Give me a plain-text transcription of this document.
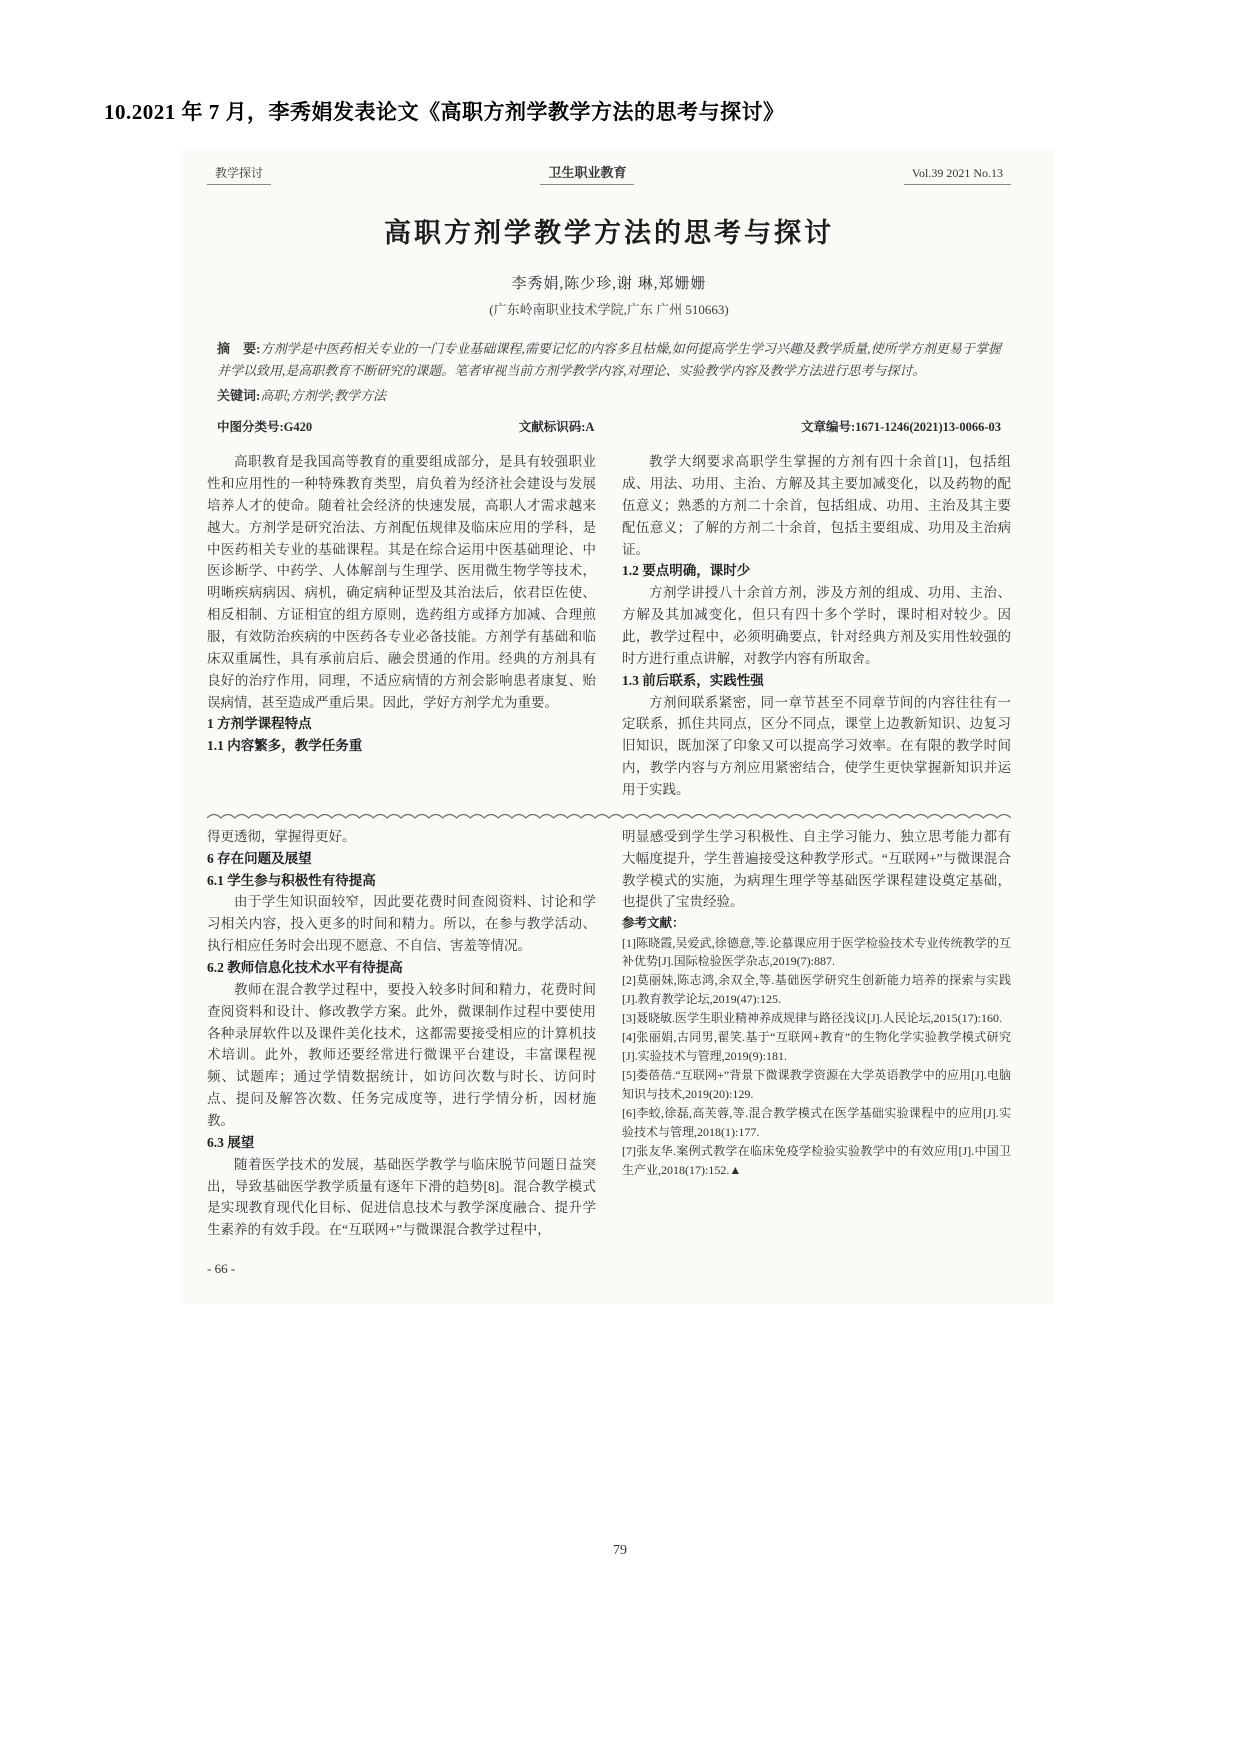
10.2021 年 7 月，李秀娟发表论文《高职方剂学教学方法的思考与探讨》
教学探讨	卫生职业教育	Vol.39 2021 No.13
高职方剂学教学方法的思考与探讨
李秀娟,陈少珍,谢 琳,郑姗姗
(广东岭南职业技术学院,广东 广州 510663)
摘　要:方剂学是中医药相关专业的一门专业基础课程,需要记忆的内容多且枯燥,如何提高学生学习兴趣及教学质量,使所学方剂更易于掌握并学以致用,是高职教育不断研究的课题。笔者审视当前方剂学教学内容,对理论、实验教学内容及教学方法进行思考与探讨。
关键词:高职;方剂学;教学方法
中图分类号:G420	文献标识码:A	文章编号:1671-1246(2021)13-0066-03

高职教育是我国高等教育的重要组成部分，是具有较强职业性和应用性的一种特殊教育类型，肩负着为经济社会建设与发展培养人才的使命。随着社会经济的快速发展，高职人才需求越来越大。方剂学是研究治法、方剂配伍规律及临床应用的学科，是中医药相关专业的基础课程。其是在综合运用中医基础理论、中医诊断学、中药学、人体解剖与生理学、医用微生物学等技术，明晰疾病病因、病机，确定病种证型及其治法后，依君臣佐使、相反相制、方证相宜的组方原则，选药组方或择方加减、合理煎服，有效防治疾病的中医药各专业必备技能。方剂学有基础和临床双重属性，具有承前启后、融会贯通的作用。经典的方剂具有良好的治疗作用，同理，不适应病情的方剂会影响患者康复、贻误病情，甚至造成严重后果。因此，学好方剂学尤为重要。

1 方剂学课程特点

1.1 内容繁多，教学任务重

教学大纲要求高职学生掌握的方剂有四十余首[1]，包括组成、用法、功用、主治、方解及其主要加减变化，以及药物的配伍意义；熟悉的方剂二十余首，包括组成、功用、主治及其主要配伍意义；了解的方剂二十余首，包括主要组成、功用及主治病证。

1.2 要点明确，课时少

方剂学讲授八十余首方剂，涉及方剂的组成、功用、主治、方解及其加减变化，但只有四十多个学时，课时相对较少。因此，教学过程中，必须明确要点，针对经典方剂及实用性较强的时方进行重点讲解，对教学内容有所取舍。

1.3 前后联系，实践性强

方剂间联系紧密，同一章节甚至不同章节间的内容往往有一定联系，抓住共同点，区分不同点，课堂上边教新知识、边复习旧知识，既加深了印象又可以提高学习效率。在有限的教学时间内，教学内容与方剂应用紧密结合，使学生更快掌握新知识并运用于实践。

得更透彻，掌握得更好。

6 存在问题及展望

6.1 学生参与积极性有待提高

由于学生知识面较窄，因此要花费时间查阅资料、讨论和学习相关内容，投入更多的时间和精力。所以，在参与教学活动、执行相应任务时会出现不愿意、不自信、害羞等情况。

6.2 教师信息化技术水平有待提高

教师在混合教学过程中，要投入较多时间和精力，花费时间查阅资料和设计、修改教学方案。此外，微课制作过程中要使用各种录屏软件以及课件美化技术，这都需要接受相应的计算机技术培训。此外，教师还要经常进行微课平台建设，丰富课程视频、试题库；通过学情数据统计，如访问次数与时长、访问时点、提问及解答次数、任务完成度等，进行学情分析，因材施教。

6.3 展望

随着医学技术的发展，基础医学教学与临床脱节问题日益突出，导致基础医学教学质量有逐年下滑的趋势[8]。混合教学模式是实现教育现代化目标、促进信息技术与教学深度融合、提升学生素养的有效手段。在“互联网+”与微课混合教学过程中，

明显感受到学生学习积极性、自主学习能力、独立思考能力都有大幅度提升，学生普遍接受这种教学形式。“互联网+”与微课混合教学模式的实施，为病理生理学等基础医学课程建设奠定基础，也提供了宝贵经验。

参考文献：

[1]陈晓霞,吴爱武,徐德意,等.论慕课应用于医学检验技术专业传统教学的互补优势[J].国际检验医学杂志,2019(7):887.

[2]莫丽妹,陈志鸿,余双全,等.基础医学研究生创新能力培养的探索与实践[J].教育教学论坛,2019(47):125.

[3]聂晓敏.医学生职业精神养成规律与路径浅议[J].人民论坛,2015(17):160.

[4]张丽娟,古同男,翟笑.基于“互联网+教育”的生物化学实验教学模式研究[J].实验技术与管理,2019(9):181.

[5]娄蓓蓓.“互联网+”背景下微课教学资源在大学英语教学中的应用[J].电脑知识与技术,2019(20):129.

[6]李蛟,徐磊,高芙蓉,等.混合教学模式在医学基础实验课程中的应用[J].实验技术与管理,2018(1):177.

[7]张友华.案例式教学在临床免疫学检验实验教学中的有效应用[J].中国卫生产业,2018(17):152.▲

- 66 -
79
